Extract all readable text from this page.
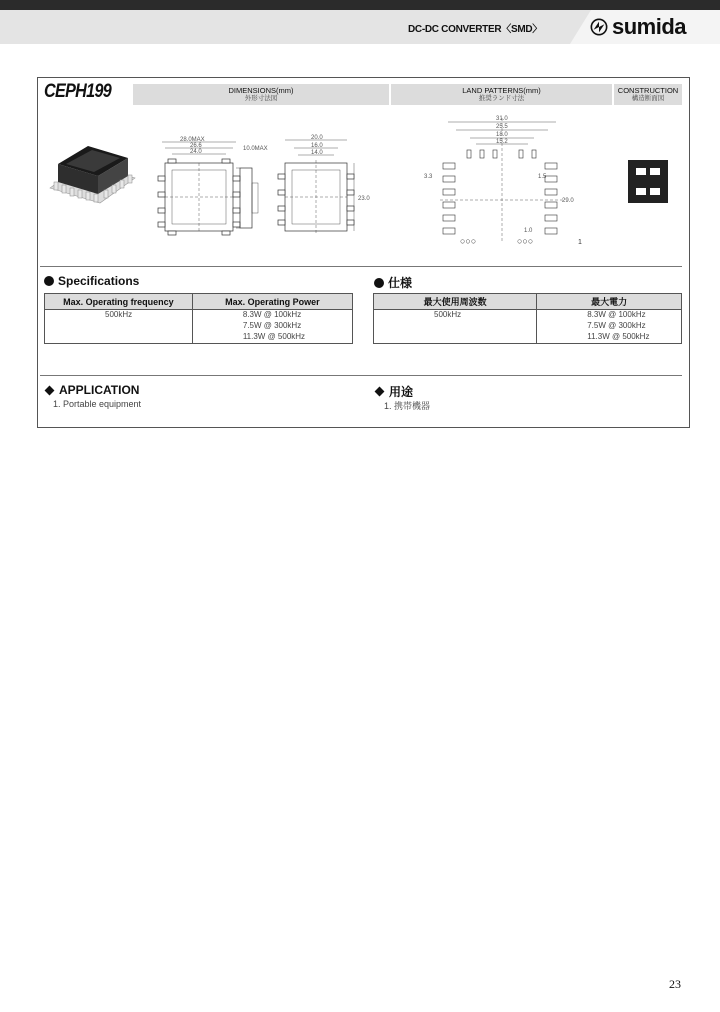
DC-DC CONVERTER〈SMD〉	sumida
CEPH199	DIMENSIONS(mm)
外形寸法図
LAND PATTERNS(mm)
推奨ランド寸法
CONSTRUCTION
構造断面図
28.0MAX
26.6
24.0	10.0MAX
20.0
16.0
14.0
23.0
31.0
25.5
18.0
15.2
29.0
3.3	1.5
1.0
○○○	○○○	1
Specifications	仕様
Max. Operating frequency	Max. Operating Power
500kHz	8.3W @ 100kHz
	7.5W @ 300kHz
	11.3W @ 500kHz
最大使用周波数	最大電力
500kHz	8.3W @ 100kHz
	7.5W @ 300kHz
	11.3W @ 500kHz
APPLICATION	用途
1. Portable equipment	1. 携帯機器
23
